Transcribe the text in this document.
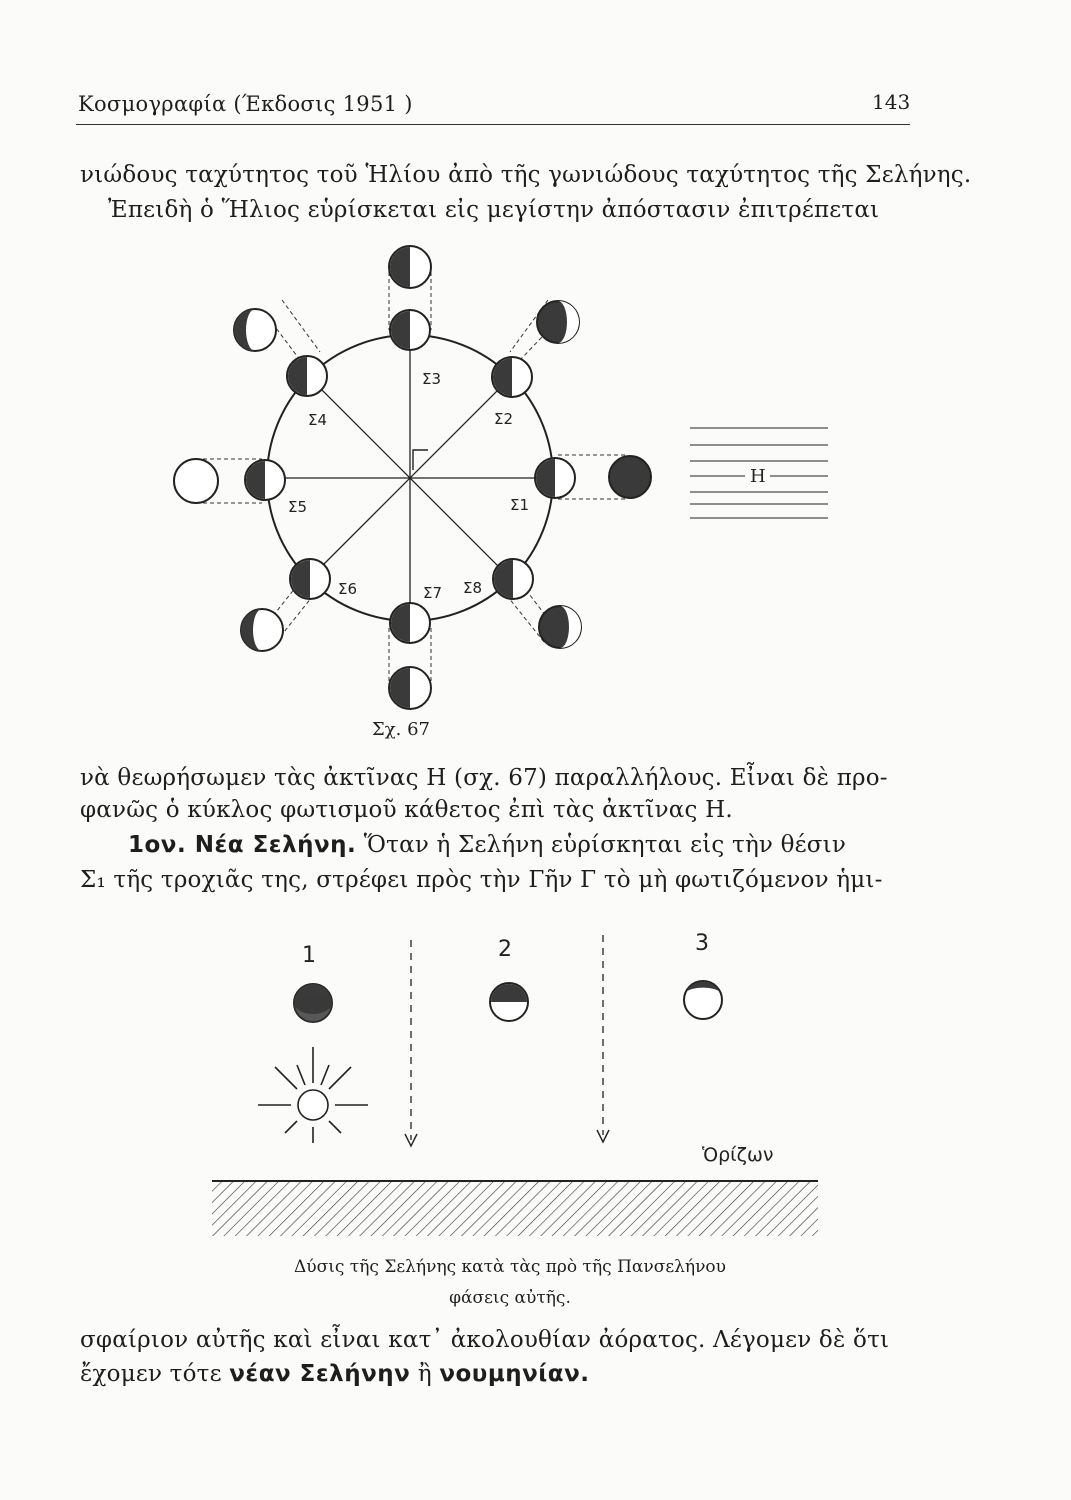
Κοσμογραφία (Έκδοσις 1951 )	143
νιώδους ταχύτητος τοῦ Ἡλίου ἀπὸ τῆς γωνιώδους ταχύτητος τῆς Σελήνης.
Ἐπειδὴ ὁ Ἥλιος εὑρίσκεται εἰς μεγίστην ἀπόστασιν ἐπιτρέπεται
Σ1
Σ2
Σ3
Σ4
Σ5
Σ6	Σ7 Σ8
Η
Σχ. 67
νὰ θεωρήσωμεν τὰς ἀκτῖνας Η (σχ. 67) παραλλήλους. Εἶναι δὲ προ-
φανῶς ὁ κύκλος φωτισμοῦ κάθετος ἐπὶ τὰς ἀκτῖνας Η.
1ον. Νέα Σελήνη. Ὅταν ἡ Σελήνη εὑρίσκηται εἰς τὴν θέσιν
Σ₁ τῆς τροχιᾶς της, στρέφει πρὸς τὴν Γῆν Γ τὸ μὴ φωτιζόμενον ἡμι-
1	2	3
Ὁρίζων
Δύσις τῆς Σελήνης κατὰ τὰς πρὸ τῆς Πανσελήνου
φάσεις αὐτῆς.
σφαίριον αὐτῆς καὶ εἶναι κατ᾽ ἀκολουθίαν ἀόρατος. Λέγομεν δὲ ὅτι
ἔχομεν τότε νέαν Σελήνην ἢ νουμηνίαν.
